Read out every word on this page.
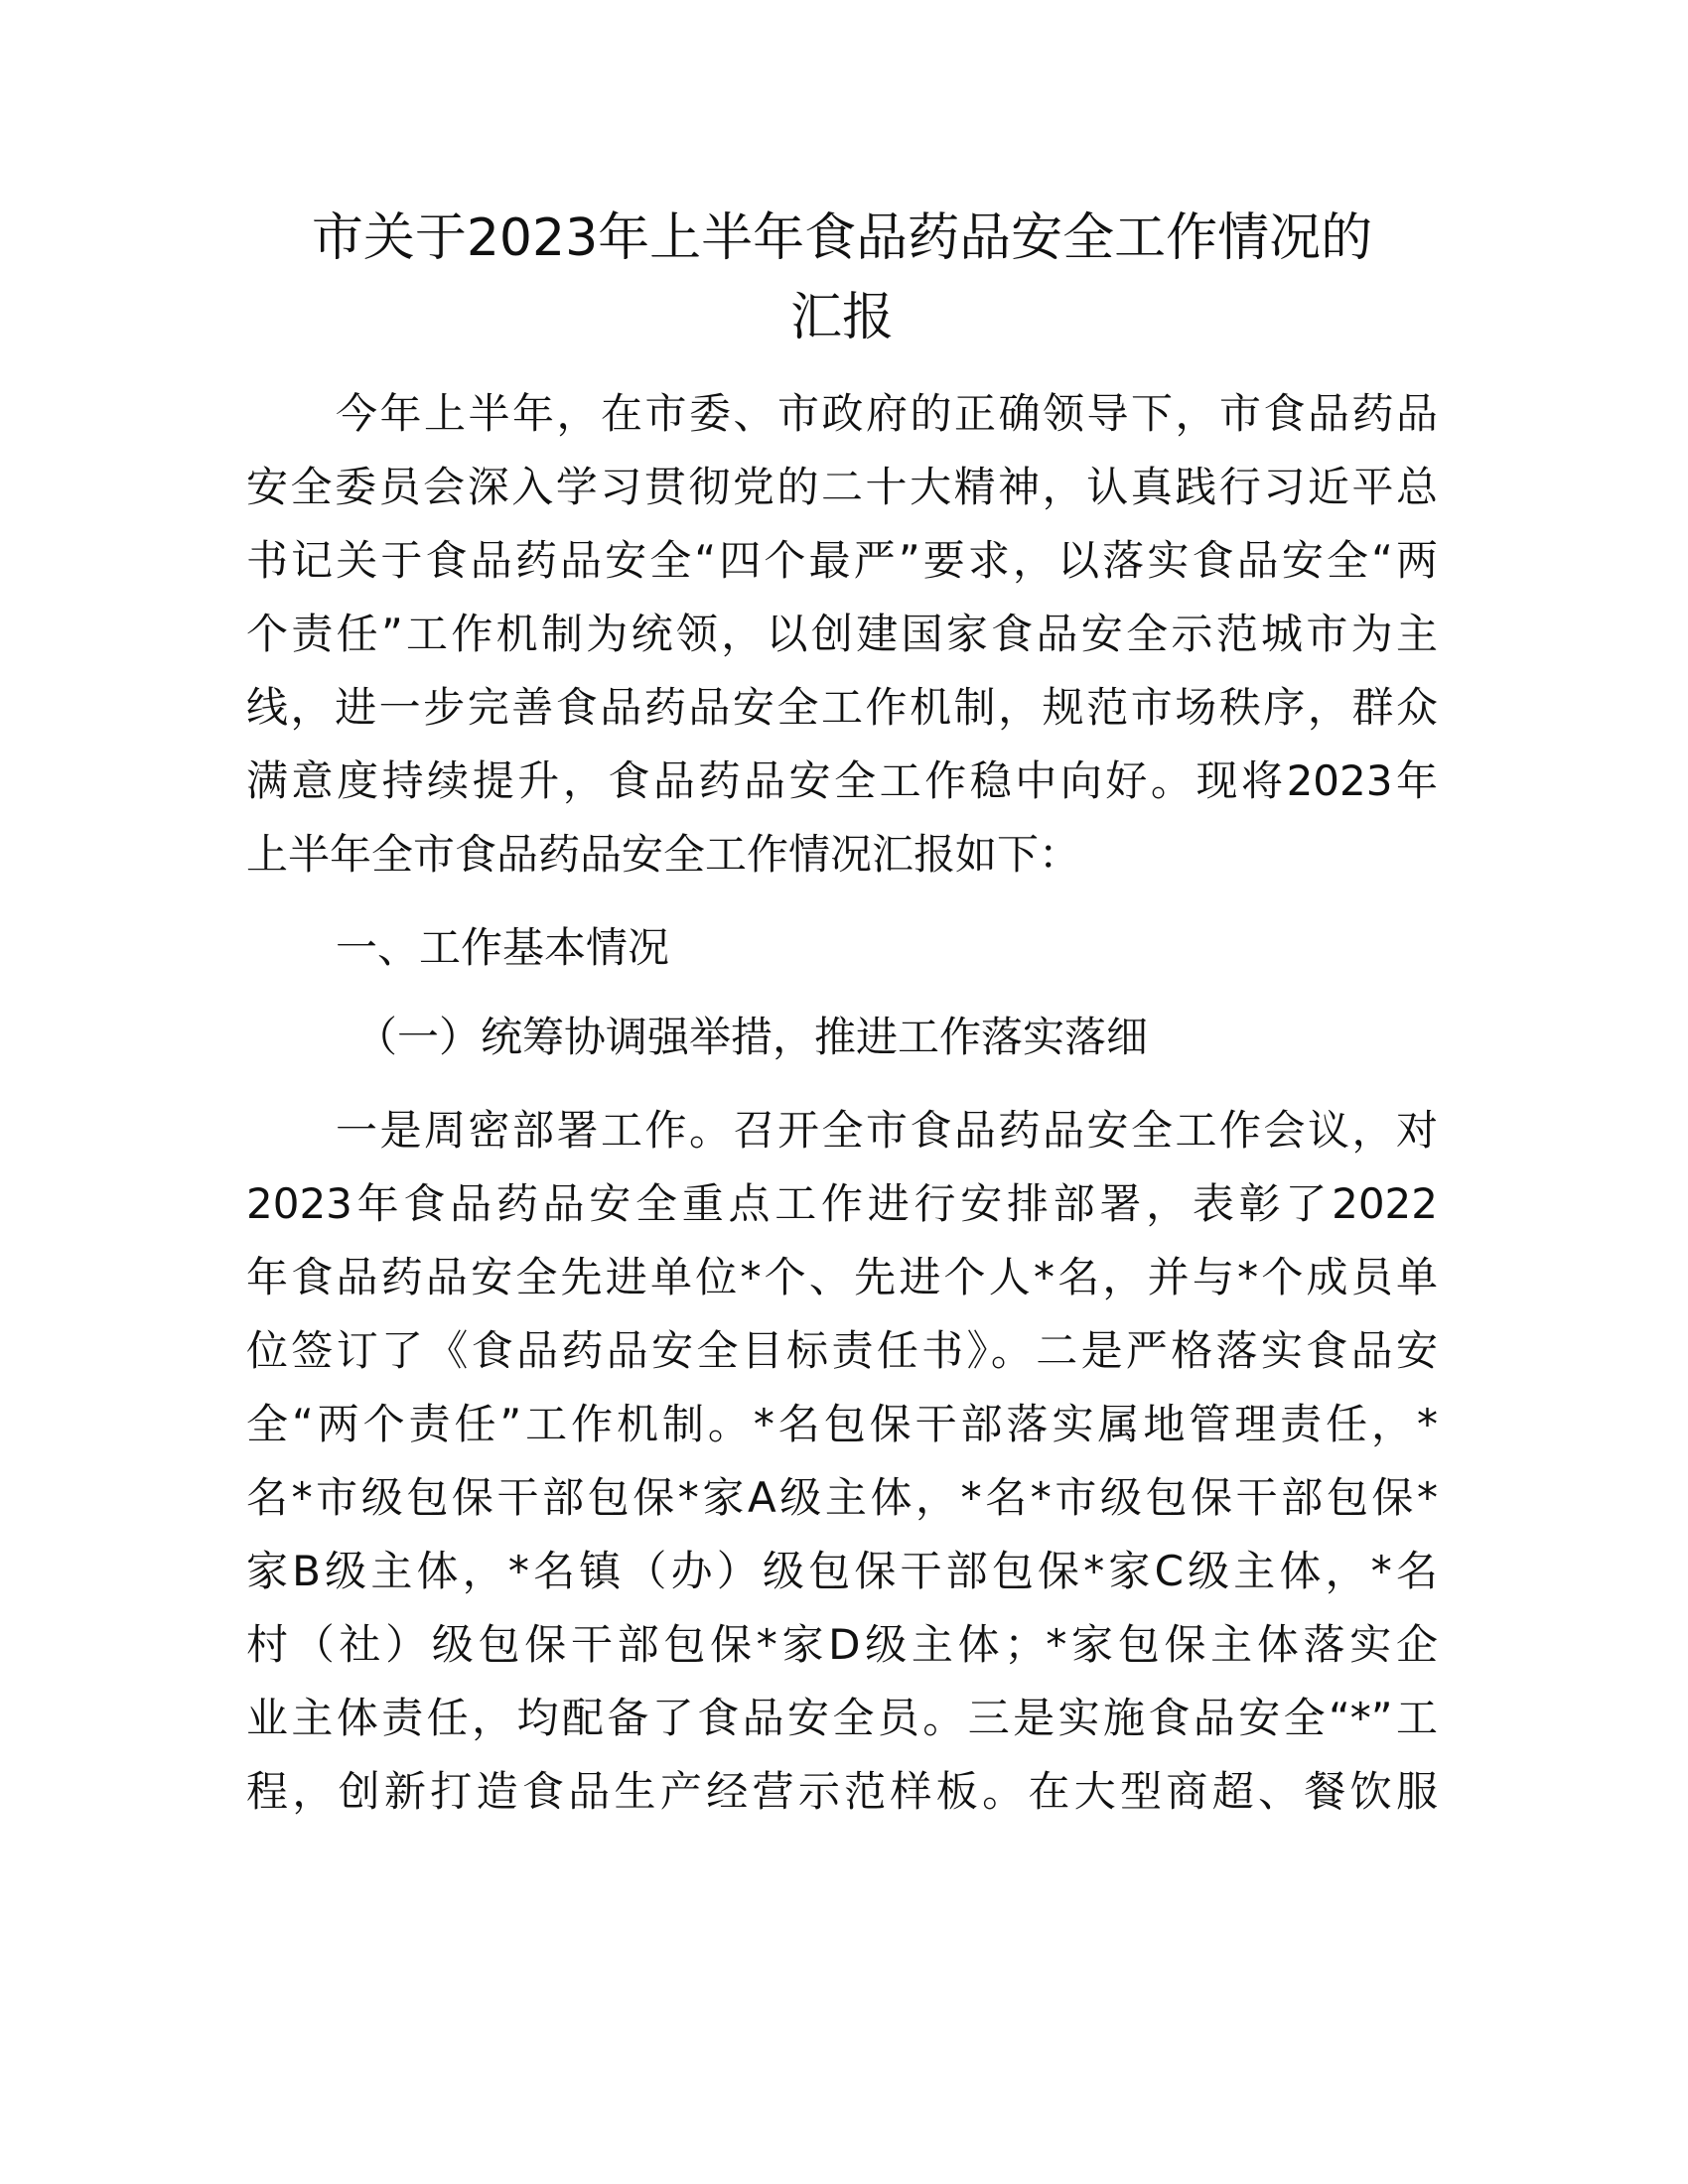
市关于2023年上半年食品药品安全工作情况的
汇报

今年上半年，在市委、市政府的正确领导下，市食品药品
安全委员会深入学习贯彻党的二十大精神，认真践行习近平总
书记关于食品药品安全“四个最严”要求，以落实食品安全“两
个责任”工作机制为统领，以创建国家食品安全示范城市为主
线，进一步完善食品药品安全工作机制，规范市场秩序，群众
满意度持续提升，食品药品安全工作稳中向好。现将2023年
上半年全市食品药品安全工作情况汇报如下：

一、工作基本情况

（一）统筹协调强举措，推进工作落实落细

一是周密部署工作。召开全市食品药品安全工作会议，对
2023年食品药品安全重点工作进行安排部署，表彰了2022
年食品药品安全先进单位*个、先进个人*名，并与*个成员单
位签订了《食品药品安全目标责任书》。二是严格落实食品安
全“两个责任”工作机制。*名包保干部落实属地管理责任，*
名*市级包保干部包保*家A级主体，*名*市级包保干部包保*
家B级主体，*名镇（办）级包保干部包保*家C级主体，*名
村（社）级包保干部包保*家D级主体；*家包保主体落实企
业主体责任，均配备了食品安全员。三是实施食品安全“*”工
程，创新打造食品生产经营示范样板。在大型商超、餐饮服
